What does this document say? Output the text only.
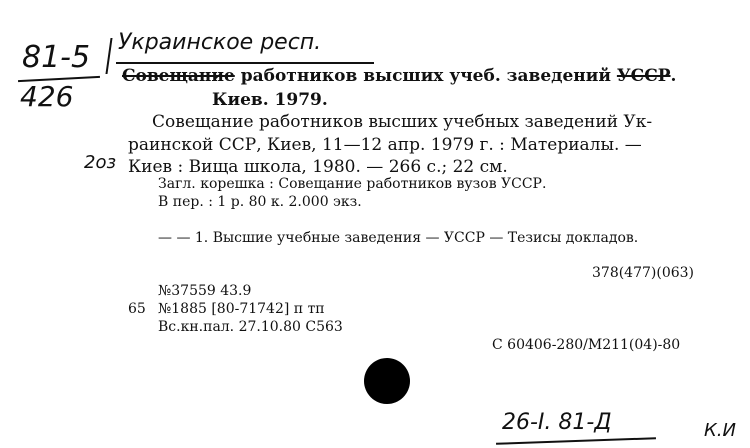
81-5
426
Украинское респ.
Совещание работников высших учеб. заведений УССР.
Киев. 1979.
Совещание работников высших учебных заведений Ук-
раинской ССР, Киев, 11—12 апр. 1979 г. : Материалы. —
2оз Киев : Вища школа, 1980. — 266 с.; 22 см.
Загл. корешка : Совещание работников вузов УССР.
В пер. : 1 р. 80 к. 2.000 экз.
— — 1. Высшие учебные заведения — УССР — Тезисы докладов.
378(477)(063)
№37559 43.9
65 №1885 [80-71742] п тп
Вс.кн.пал. 27.10.80 С563
С 60406-280/М211(04)-80
26-I. 81-Д	К.И
